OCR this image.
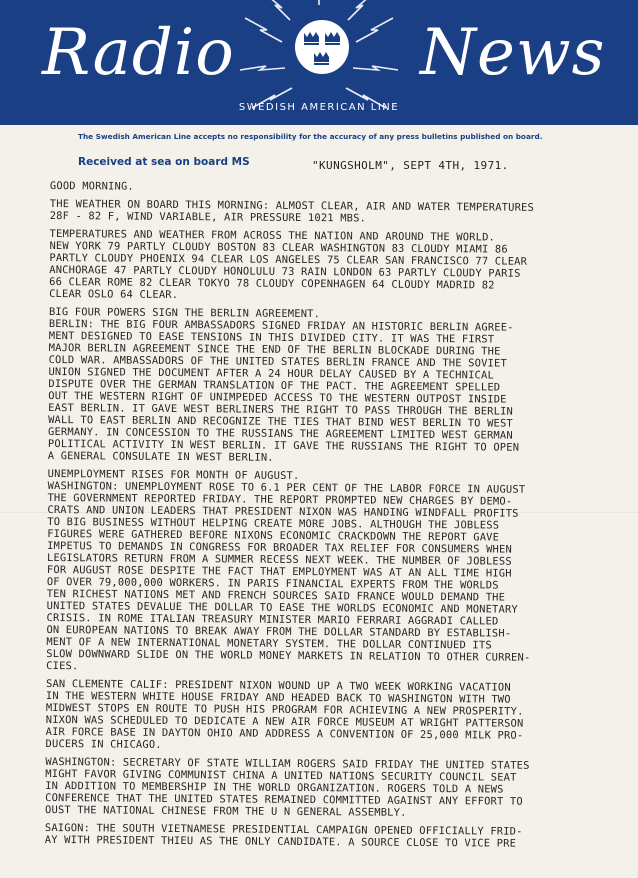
Radio	News
SWEDISH AMERICAN LINE
The Swedish American Line accepts no responsibility for the accuracy of any press bulletins published on board.
Received at sea on board MS	"KUNGSHOLM", SEPT 4TH, 1971.

GOOD MORNING.

THE WEATHER ON BOARD THIS MORNING: ALMOST CLEAR, AIR AND WATER TEMPERATURES
28F - 82 F, WIND VARIABLE, AIR PRESSURE 1021 MBS.

TEMPERATURES AND WEATHER FROM ACROSS THE NATION AND AROUND THE WORLD.
NEW YORK 79 PARTLY CLOUDY BOSTON 83 CLEAR WASHINGTON 83 CLOUDY MIAMI 86
PARTLY CLOUDY PHOENIX 94 CLEAR LOS ANGELES 75 CLEAR SAN FRANCISCO 77 CLEAR
ANCHORAGE 47 PARTLY CLOUDY HONOLULU 73 RAIN LONDON 63 PARTLY CLOUDY PARIS
66 CLEAR ROME 82 CLEAR TOKYO 78 CLOUDY COPENHAGEN 64 CLOUDY MADRID 82
CLEAR OSLO 64 CLEAR.

BIG FOUR POWERS SIGN THE BERLIN AGREEMENT.
BERLIN: THE BIG FOUR AMBASSADORS SIGNED FRIDAY AN HISTORIC BERLIN AGREE-
MENT DESIGNED TO EASE TENSIONS IN THIS DIVIDED CITY. IT WAS THE FIRST
MAJOR BERLIN AGREEMENT SINCE THE END OF THE BERLIN BLOCKADE DURING THE
COLD WAR. AMBASSADORS OF THE UNITED STATES BERLIN FRANCE AND THE SOVIET
UNION SIGNED THE DOCUMENT AFTER A 24 HOUR DELAY CAUSED BY A TECHNICAL
DISPUTE OVER THE GERMAN TRANSLATION OF THE PACT. THE AGREEMENT SPELLED
OUT THE WESTERN RIGHT OF UNIMPEDED ACCESS TO THE WESTERN OUTPOST INSIDE
EAST BERLIN. IT GAVE WEST BERLINERS THE RIGHT TO PASS THROUGH THE BERLIN
WALL TO EAST BERLIN AND RECOGNIZE THE TIES THAT BIND WEST BERLIN TO WEST
GERMANY. IN CONCESSION TO THE RUSSIANS THE AGREEMENT LIMITED WEST GERMAN
POLITICAL ACTIVITY IN WEST BERLIN. IT GAVE THE RUSSIANS THE RIGHT TO OPEN
A GENERAL CONSULATE IN WEST BERLIN.

UNEMPLOYMENT RISES FOR MONTH OF AUGUST.
WASHINGTON: UNEMPLOYMENT ROSE TO 6.1 PER CENT OF THE LABOR FORCE IN AUGUST
THE GOVERNMENT REPORTED FRIDAY. THE REPORT PROMPTED NEW CHARGES BY DEMO-
CRATS AND UNION LEADERS THAT PRESIDENT NIXON WAS HANDING WINDFALL PROFITS
TO BIG BUSINESS WITHOUT HELPING CREATE MORE JOBS. ALTHOUGH THE JOBLESS
FIGURES WERE GATHERED BEFORE NIXONS ECONOMIC CRACKDOWN THE REPORT GAVE
IMPETUS TO DEMANDS IN CONGRESS FOR BROADER TAX RELIEF FOR CONSUMERS WHEN
LEGISLATORS RETURN FROM A SUMMER RECESS NEXT WEEK. THE NUMBER OF JOBLESS
FOR AUGUST ROSE DESPITE THE FACT THAT EMPLOYMENT WAS AT AN ALL TIME HIGH
OF OVER 79,000,000 WORKERS. IN PARIS FINANCIAL EXPERTS FROM THE WORLDS
TEN RICHEST NATIONS MET AND FRENCH SOURCES SAID FRANCE WOULD DEMAND THE
UNITED STATES DEVALUE THE DOLLAR TO EASE THE WORLDS ECONOMIC AND MONETARY
CRISIS. IN ROME ITALIAN TREASURY MINISTER MARIO FERRARI AGGRADI CALLED
ON EUROPEAN NATIONS TO BREAK AWAY FROM THE DOLLAR STANDARD BY ESTABLISH-
MENT OF A NEW INTERNATIONAL MONETARY SYSTEM. THE DOLLAR CONTINUED ITS
SLOW DOWNWARD SLIDE ON THE WORLD MONEY MARKETS IN RELATION TO OTHER CURREN-
CIES.

SAN CLEMENTE CALIF: PRESIDENT NIXON WOUND UP A TWO WEEK WORKING VACATION
IN THE WESTERN WHITE HOUSE FRIDAY AND HEADED BACK TO WASHINGTON WITH TWO
MIDWEST STOPS EN ROUTE TO PUSH HIS PROGRAM FOR ACHIEVING A NEW PROSPERITY.
NIXON WAS SCHEDULED TO DEDICATE A NEW AIR FORCE MUSEUM AT WRIGHT PATTERSON
AIR FORCE BASE IN DAYTON OHIO AND ADDRESS A CONVENTION OF 25,000 MILK PRO-
DUCERS IN CHICAGO.

WASHINGTON: SECRETARY OF STATE WILLIAM ROGERS SAID FRIDAY THE UNITED STATES
MIGHT FAVOR GIVING COMMUNIST CHINA A UNITED NATIONS SECURITY COUNCIL SEAT
IN ADDITION TO MEMBERSHIP IN THE WORLD ORGANIZATION. ROGERS TOLD A NEWS
CONFERENCE THAT THE UNITED STATES REMAINED COMMITTED AGAINST ANY EFFORT TO
OUST THE NATIONAL CHINESE FROM THE U N GENERAL ASSEMBLY.

SAIGON: THE SOUTH VIETNAMESE PRESIDENTIAL CAMPAIGN OPENED OFFICIALLY FRID-
AY WITH PRESIDENT THIEU AS THE ONLY CANDIDATE. A SOURCE CLOSE TO VICE PRE
